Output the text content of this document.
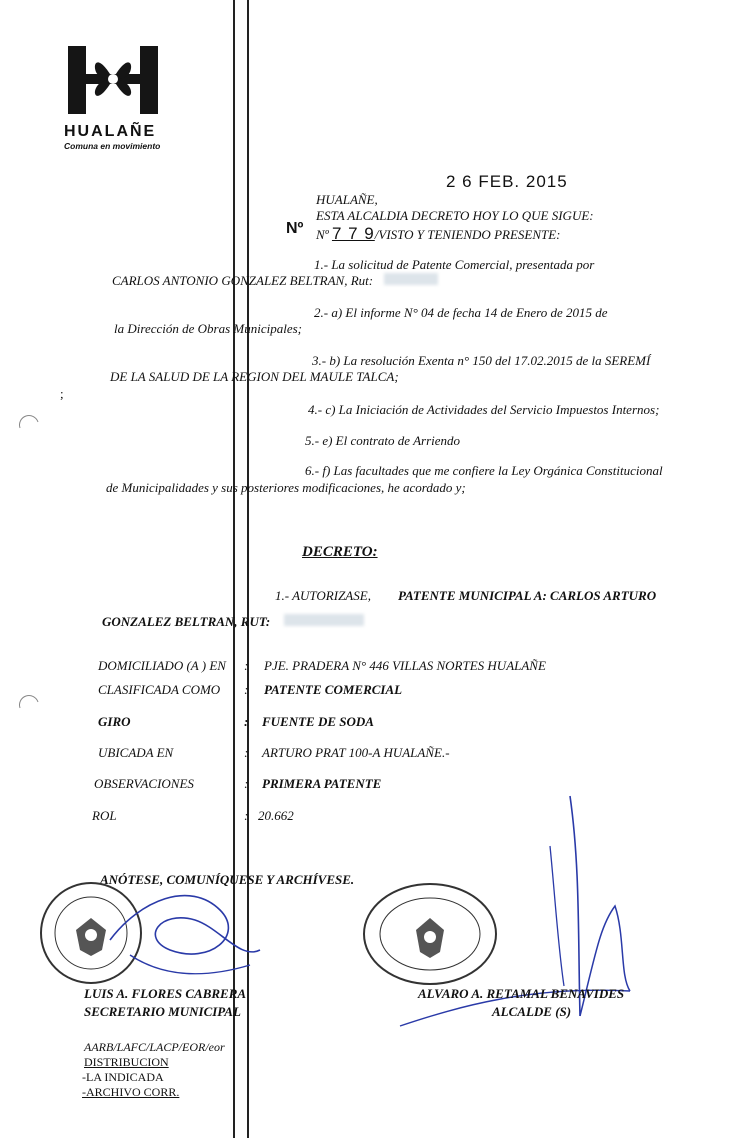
;
HUALAÑE
Comuna en movimiento
2 6 FEB. 2015
HUALAÑE,
ESTA ALCALDIA DECRETO HOY LO QUE SIGUE:
Nº Nº 7 7 9/VISTO Y TENIENDO PRESENTE:
1.- La solicitud de Patente Comercial, presentada por
CARLOS ANTONIO GONZALEZ BELTRAN, Rut:
2.- a) El informe N° 04 de fecha 14 de Enero de 2015 de
la Dirección de Obras Municipales;
3.- b) La resolución Exenta n° 150 del 17.02.2015 de la SEREMÍ
DE LA SALUD DE LA REGION DEL MAULE TALCA;
4.- c) La Iniciación de Actividades del Servicio Impuestos Internos;
5.- e) El contrato de Arriendo
6.- f) Las facultades que me confiere la Ley Orgánica Constitucional
de Municipalidades y sus posteriores modificaciones, he acordado y;
DECRETO:
1.- AUTORIZASE, PATENTE MUNICIPAL A: CARLOS ARTURO
GONZALEZ BELTRAN, RUT:
DOMICILIADO (A ) EN : PJE. PRADERA N° 446 VILLAS NORTES HUALAÑE
CLASIFICADA COMO : PATENTE COMERCIAL
GIRO	: FUENTE DE SODA
UBICADA EN	: ARTURO PRAT 100-A HUALAÑE.-
OBSERVACIONES	: PRIMERA PATENTE
ROL	: 20.662
ANÓTESE, COMUNÍQUESE Y ARCHÍVESE.
LUIS A. FLORES CABRERA
SECRETARIO MUNICIPAL
ALVARO A. RETAMAL BENAVIDES
ALCALDE (S)
AARB/LAFC/LACP/EOR/eor
DISTRIBUCION
-LA INDICADA
-ARCHIVO CORR.
